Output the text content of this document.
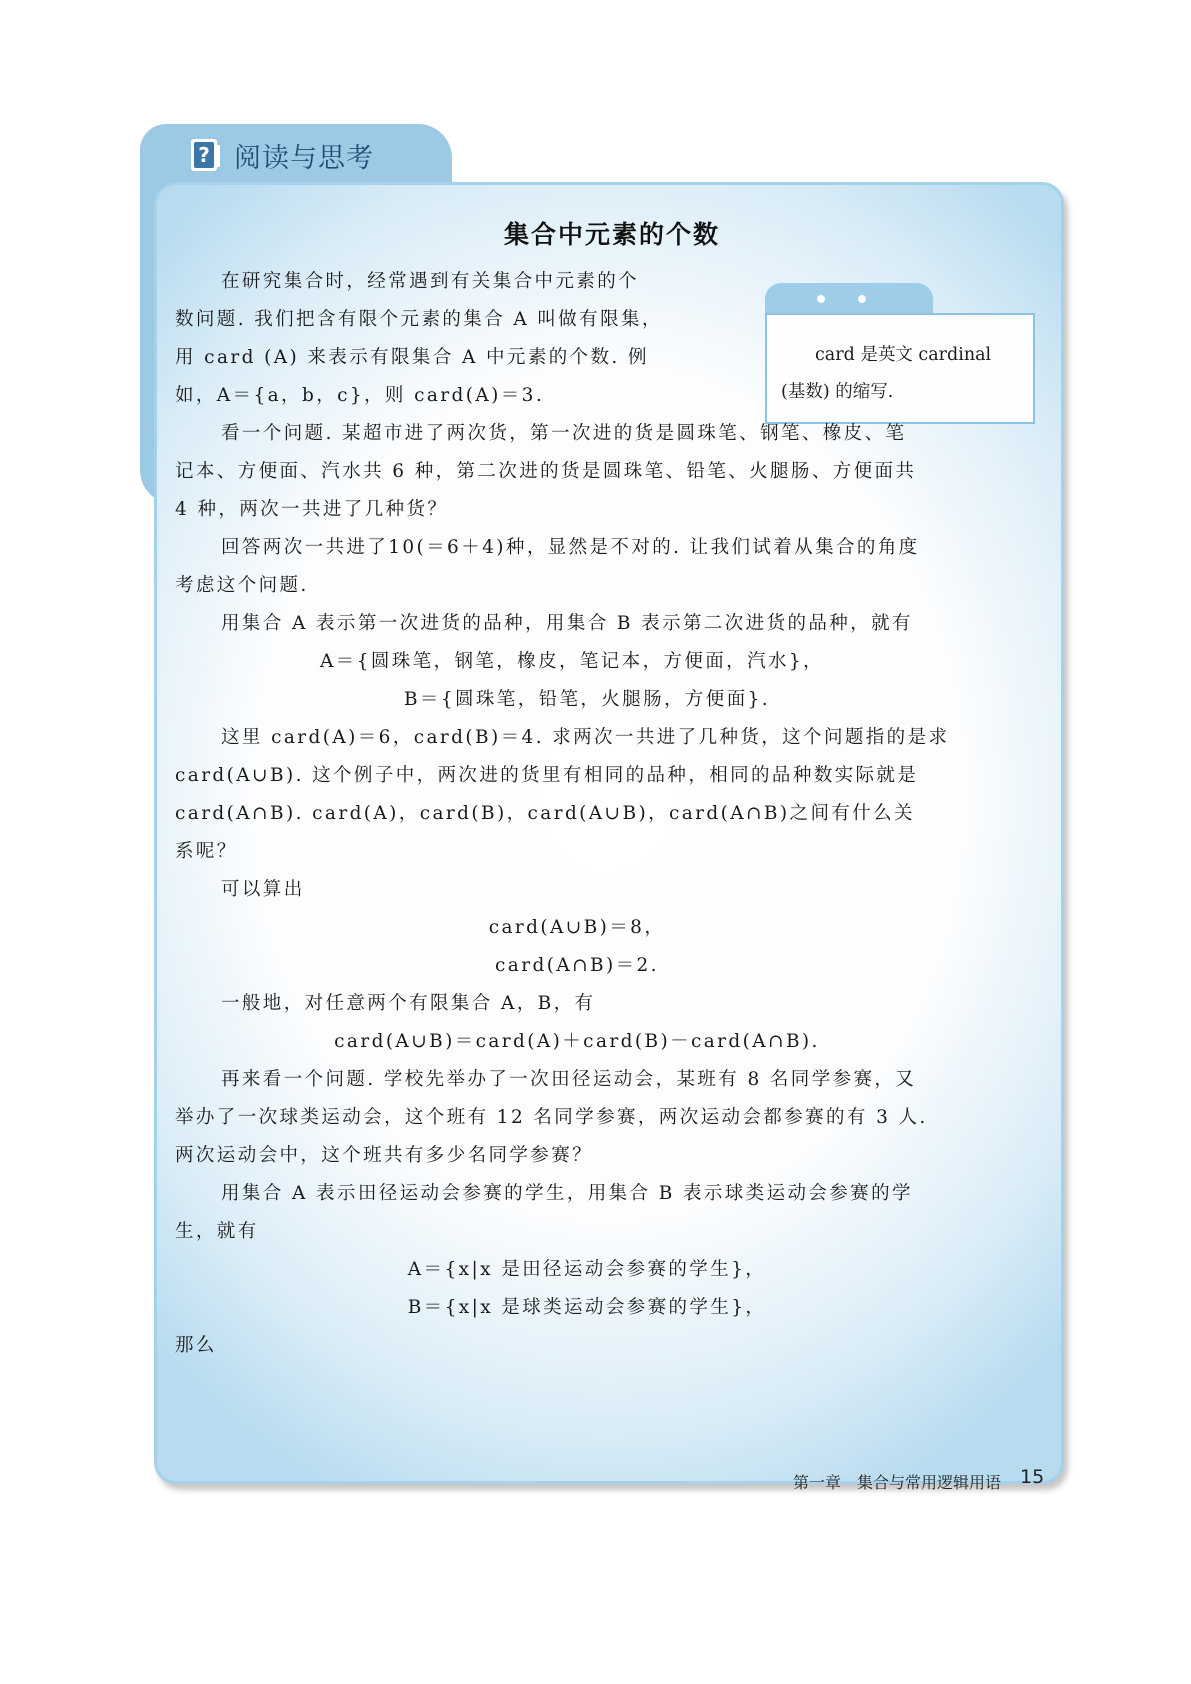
? 阅读与思考
集合中元素的个数
card 是英文 cardinal
(基数) 的缩写.
在研究集合时，经常遇到有关集合中元素的个
数问题. 我们把含有限个元素的集合 A 叫做有限集，
用 card (A) 来表示有限集合 A 中元素的个数. 例
如，A＝{a，b，c}，则 card(A)＝3.
看一个问题. 某超市进了两次货，第一次进的货是圆珠笔、钢笔、橡皮、笔
记本、方便面、汽水共 6 种，第二次进的货是圆珠笔、铅笔、火腿肠、方便面共
4 种，两次一共进了几种货？
回答两次一共进了10(＝6＋4)种，显然是不对的. 让我们试着从集合的角度
考虑这个问题.
用集合 A 表示第一次进货的品种，用集合 B 表示第二次进货的品种，就有
A＝{圆珠笔，钢笔，橡皮，笔记本，方便面，汽水}，
B＝{圆珠笔，铅笔，火腿肠，方便面}.
这里 card(A)＝6，card(B)＝4. 求两次一共进了几种货，这个问题指的是求
card(A∪B). 这个例子中，两次进的货里有相同的品种，相同的品种数实际就是
card(A∩B). card(A)，card(B)，card(A∪B)，card(A∩B)之间有什么关
系呢？
可以算出
card(A∪B)＝8，
card(A∩B)＝2.
一般地，对任意两个有限集合 A，B，有
card(A∪B)＝card(A)＋card(B)－card(A∩B).
再来看一个问题. 学校先举办了一次田径运动会，某班有 8 名同学参赛，又
举办了一次球类运动会，这个班有 12 名同学参赛，两次运动会都参赛的有 3 人.
两次运动会中，这个班共有多少名同学参赛？
用集合 A 表示田径运动会参赛的学生，用集合 B 表示球类运动会参赛的学
生，就有
A＝{x|x 是田径运动会参赛的学生}，
B＝{x|x 是球类运动会参赛的学生}，
那么
第一章　集合与常用逻辑用语 15
